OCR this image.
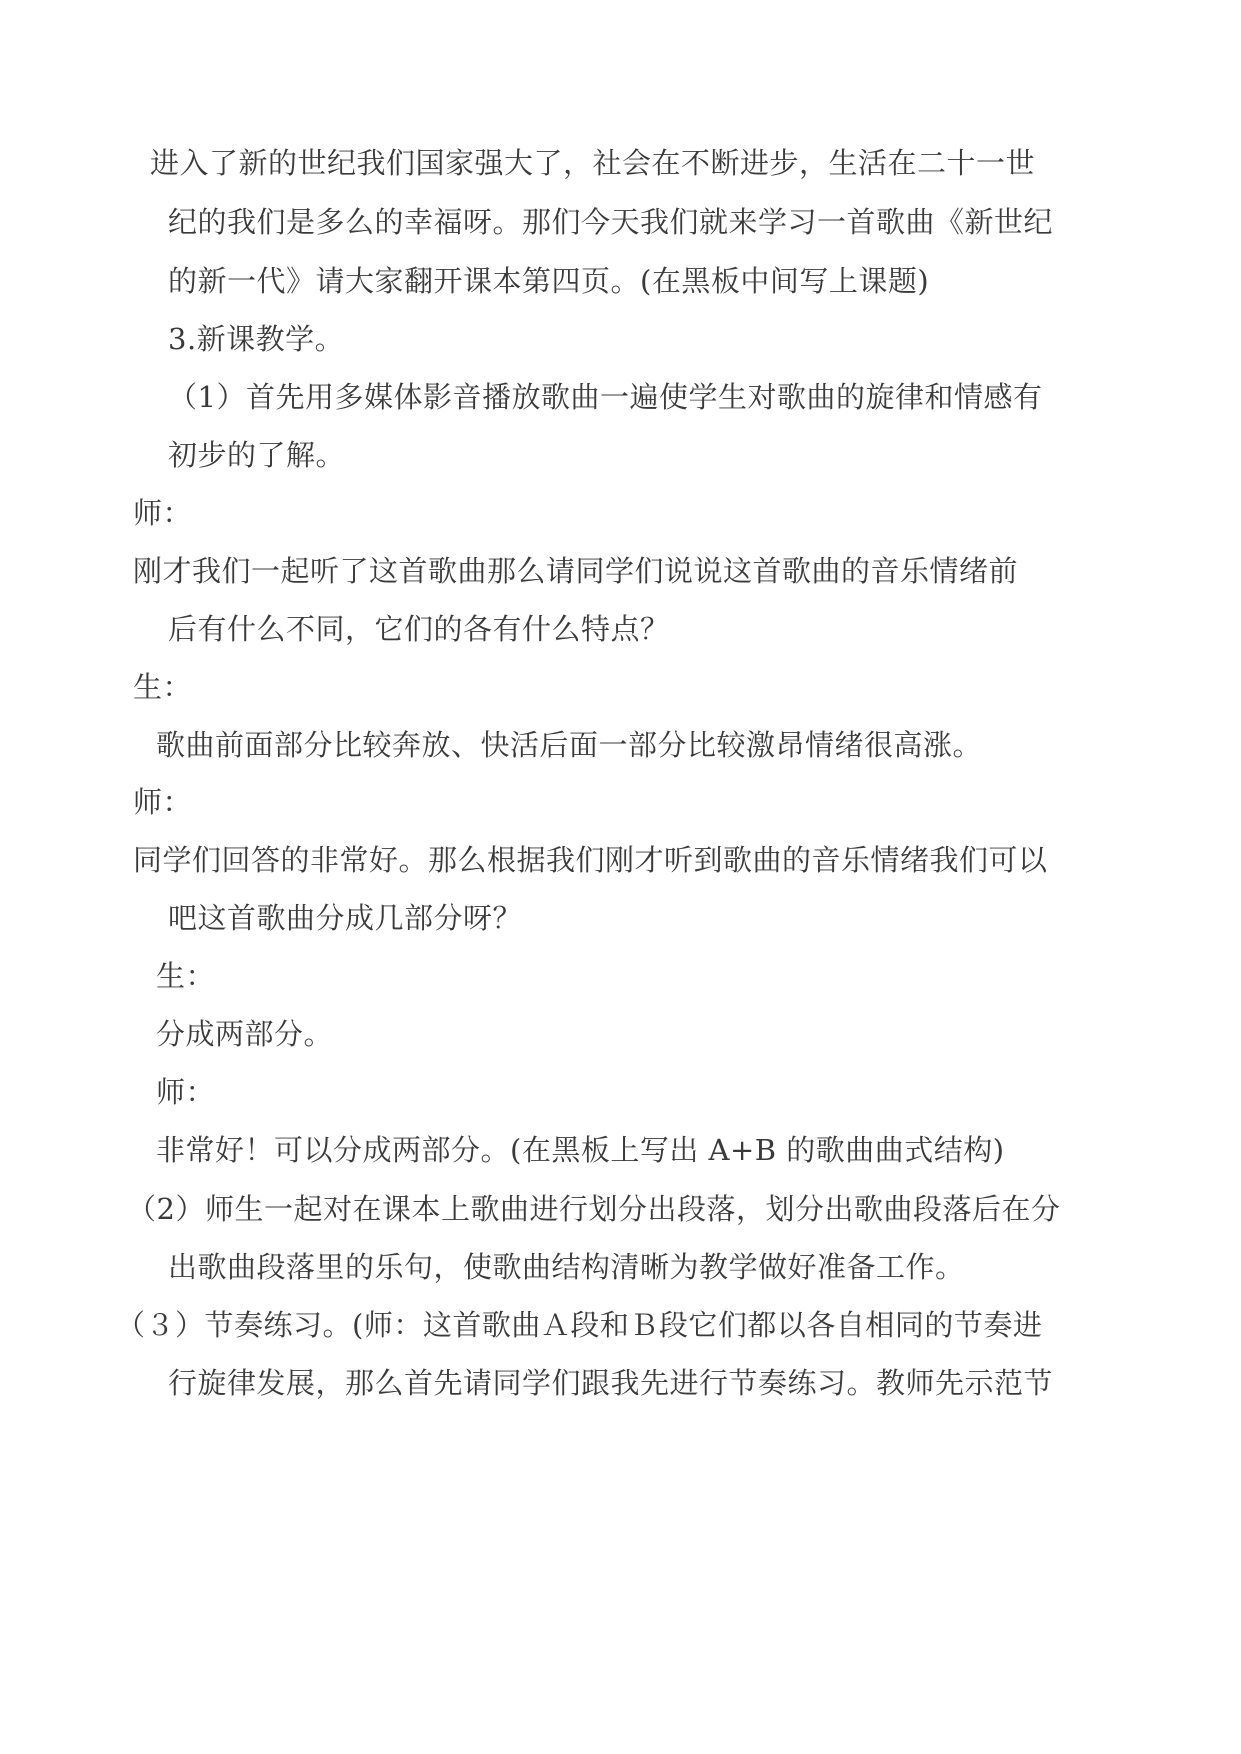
进入了新的世纪我们国家强大了，社会在不断进步，生活在二十一世
纪的我们是多么的幸福呀。那们今天我们就来学习一首歌曲《新世纪
的新一代》请大家翻开课本第四页。(在黑板中间写上课题)
3.新课教学。
（1）首先用多媒体影音播放歌曲一遍使学生对歌曲的旋律和情感有
初步的了解。
师：
刚才我们一起听了这首歌曲那么请同学们说说这首歌曲的音乐情绪前
后有什么不同，它们的各有什么特点？
生：
歌曲前面部分比较奔放、快活后面一部分比较激昂情绪很高涨。
师：
同学们回答的非常好。那么根据我们刚才听到歌曲的音乐情绪我们可以
吧这首歌曲分成几部分呀？
生：
分成两部分。
师：
非常好！可以分成两部分。(在黑板上写出 A+B 的歌曲曲式结构)
（2）师生一起对在课本上歌曲进行划分出段落，划分出歌曲段落后在分
出歌曲段落里的乐句，使歌曲结构清晰为教学做好准备工作。
（３）节奏练习。(师：这首歌曲Ａ段和Ｂ段它们都以各自相同的节奏进
行旋律发展，那么首先请同学们跟我先进行节奏练习。教师先示范节
